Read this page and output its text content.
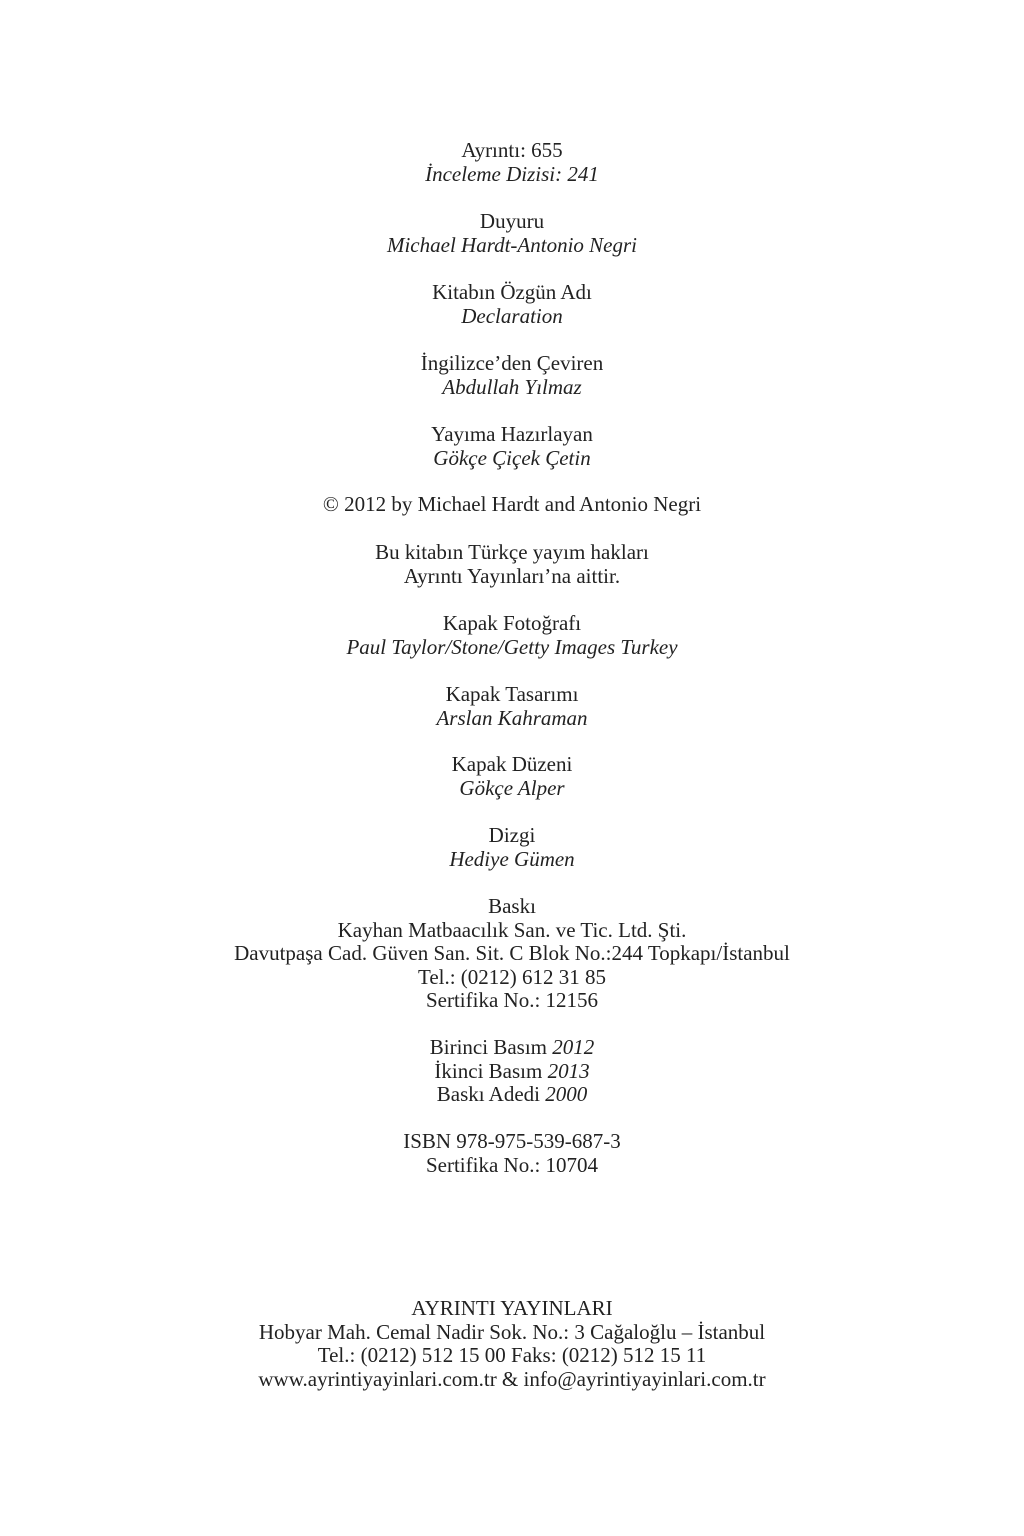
Ayrıntı: 655
İnceleme Dizisi: 241
Duyuru
Michael Hardt-Antonio Negri
Kitabın Özgün Adı
Declaration
İngilizce’den Çeviren
Abdullah Yılmaz
Yayıma Hazırlayan
Gökçe Çiçek Çetin
© 2012 by Michael Hardt and Antonio Negri
Bu kitabın Türkçe yayım hakları
Ayrıntı Yayınları’na aittir.
Kapak Fotoğrafı
Paul Taylor/Stone/Getty Images Turkey
Kapak Tasarımı
Arslan Kahraman
Kapak Düzeni
Gökçe Alper
Dizgi
Hediye Gümen
Baskı
Kayhan Matbaacılık San. ve Tic. Ltd. Şti.
Davutpaşa Cad. Güven San. Sit. C Blok No.:244 Topkapı/İstanbul
Tel.: (0212) 612 31 85
Sertifika No.: 12156
Birinci Basım 2012
İkinci Basım 2013
Baskı Adedi 2000
ISBN 978-975-539-687-3
Sertifika No.: 10704
AYRINTI YAYINLARI
Hobyar Mah. Cemal Nadir Sok. No.: 3 Cağaloğlu – İstanbul
Tel.: (0212) 512 15 00 Faks: (0212) 512 15 11
www.ayrintiyayinlari.com.tr & info@ayrintiyayinlari.com.tr
